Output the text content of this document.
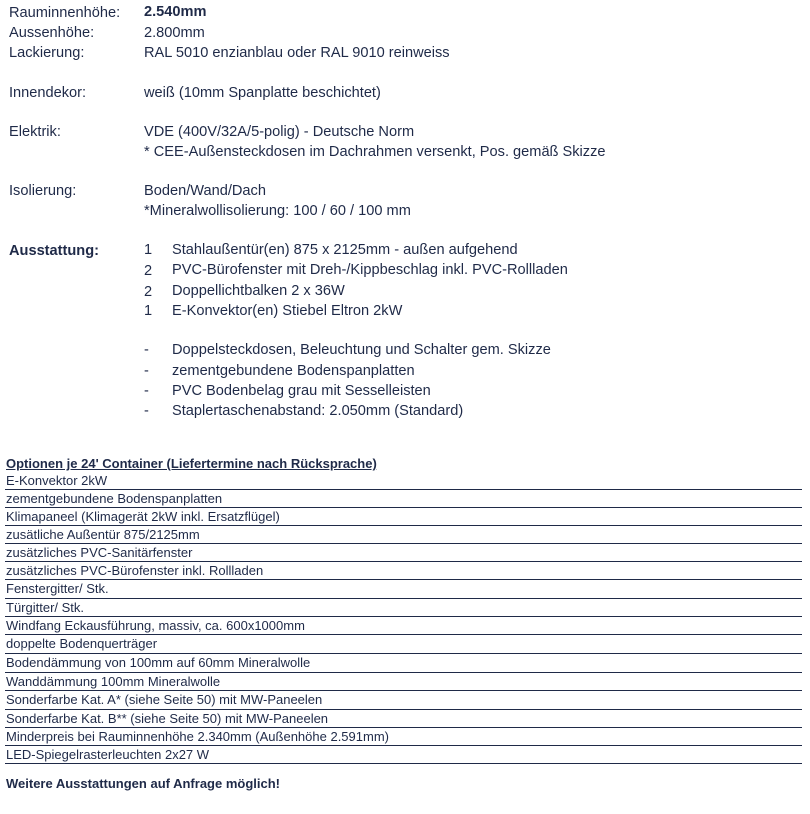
Rauminnenhöhe: 2.540mm
Aussenhöhe:	2.800mm
Lackierung:	RAL 5010 enzianblau oder RAL 9010 reinweiss
Innendekor:	weiß (10mm Spanplatte beschichtet)
Elektrik:	VDE (400V/32A/5-polig) - Deutsche Norm
* CEE-Außensteckdosen im Dachrahmen versenkt, Pos. gemäß Skizze
Isolierung:	Boden/Wand/Dach
*Mineralwollisolierung: 100 / 60 / 100 mm
Ausstattung:	1	Stahlaußentür(en) 875 x 2125mm - außen aufgehend
2	PVC-Bürofenster mit Dreh-/Kippbeschlag inkl. PVC-Rollladen
2	Doppellichtbalken 2 x 36W
1	E-Konvektor(en) Stiebel Eltron 2kW
-	Doppelsteckdosen, Beleuchtung und Schalter gem. Skizze
-	zementgebundene Bodenspanplatten
-	PVC Bodenbelag grau mit Sesselleisten
-	Staplertaschenabstand: 2.050mm (Standard)
Optionen je 24' Container (Liefertermine nach Rücksprache)
E-Konvektor 2kW
zementgebundene Bodenspanplatten
Klimapaneel (Klimagerät 2kW inkl. Ersatzflügel)
zusätliche Außentür 875/2125mm
zusätzliches PVC-Sanitärfenster
zusätzliches PVC-Bürofenster inkl. Rollladen
Fenstergitter/ Stk.
Türgitter/ Stk.
Windfang Eckausführung, massiv, ca. 600x1000mm
doppelte Bodenquerträger
Bodendämmung von 100mm auf 60mm Mineralwolle
Wanddämmung 100mm Mineralwolle
Sonderfarbe Kat. A* (siehe Seite 50) mit MW-Paneelen
Sonderfarbe Kat. B** (siehe Seite 50) mit MW-Paneelen
Minderpreis bei Rauminnenhöhe 2.340mm (Außenhöhe 2.591mm)
LED-Spiegelrasterleuchten 2x27 W
Weitere Ausstattungen auf Anfrage möglich!
